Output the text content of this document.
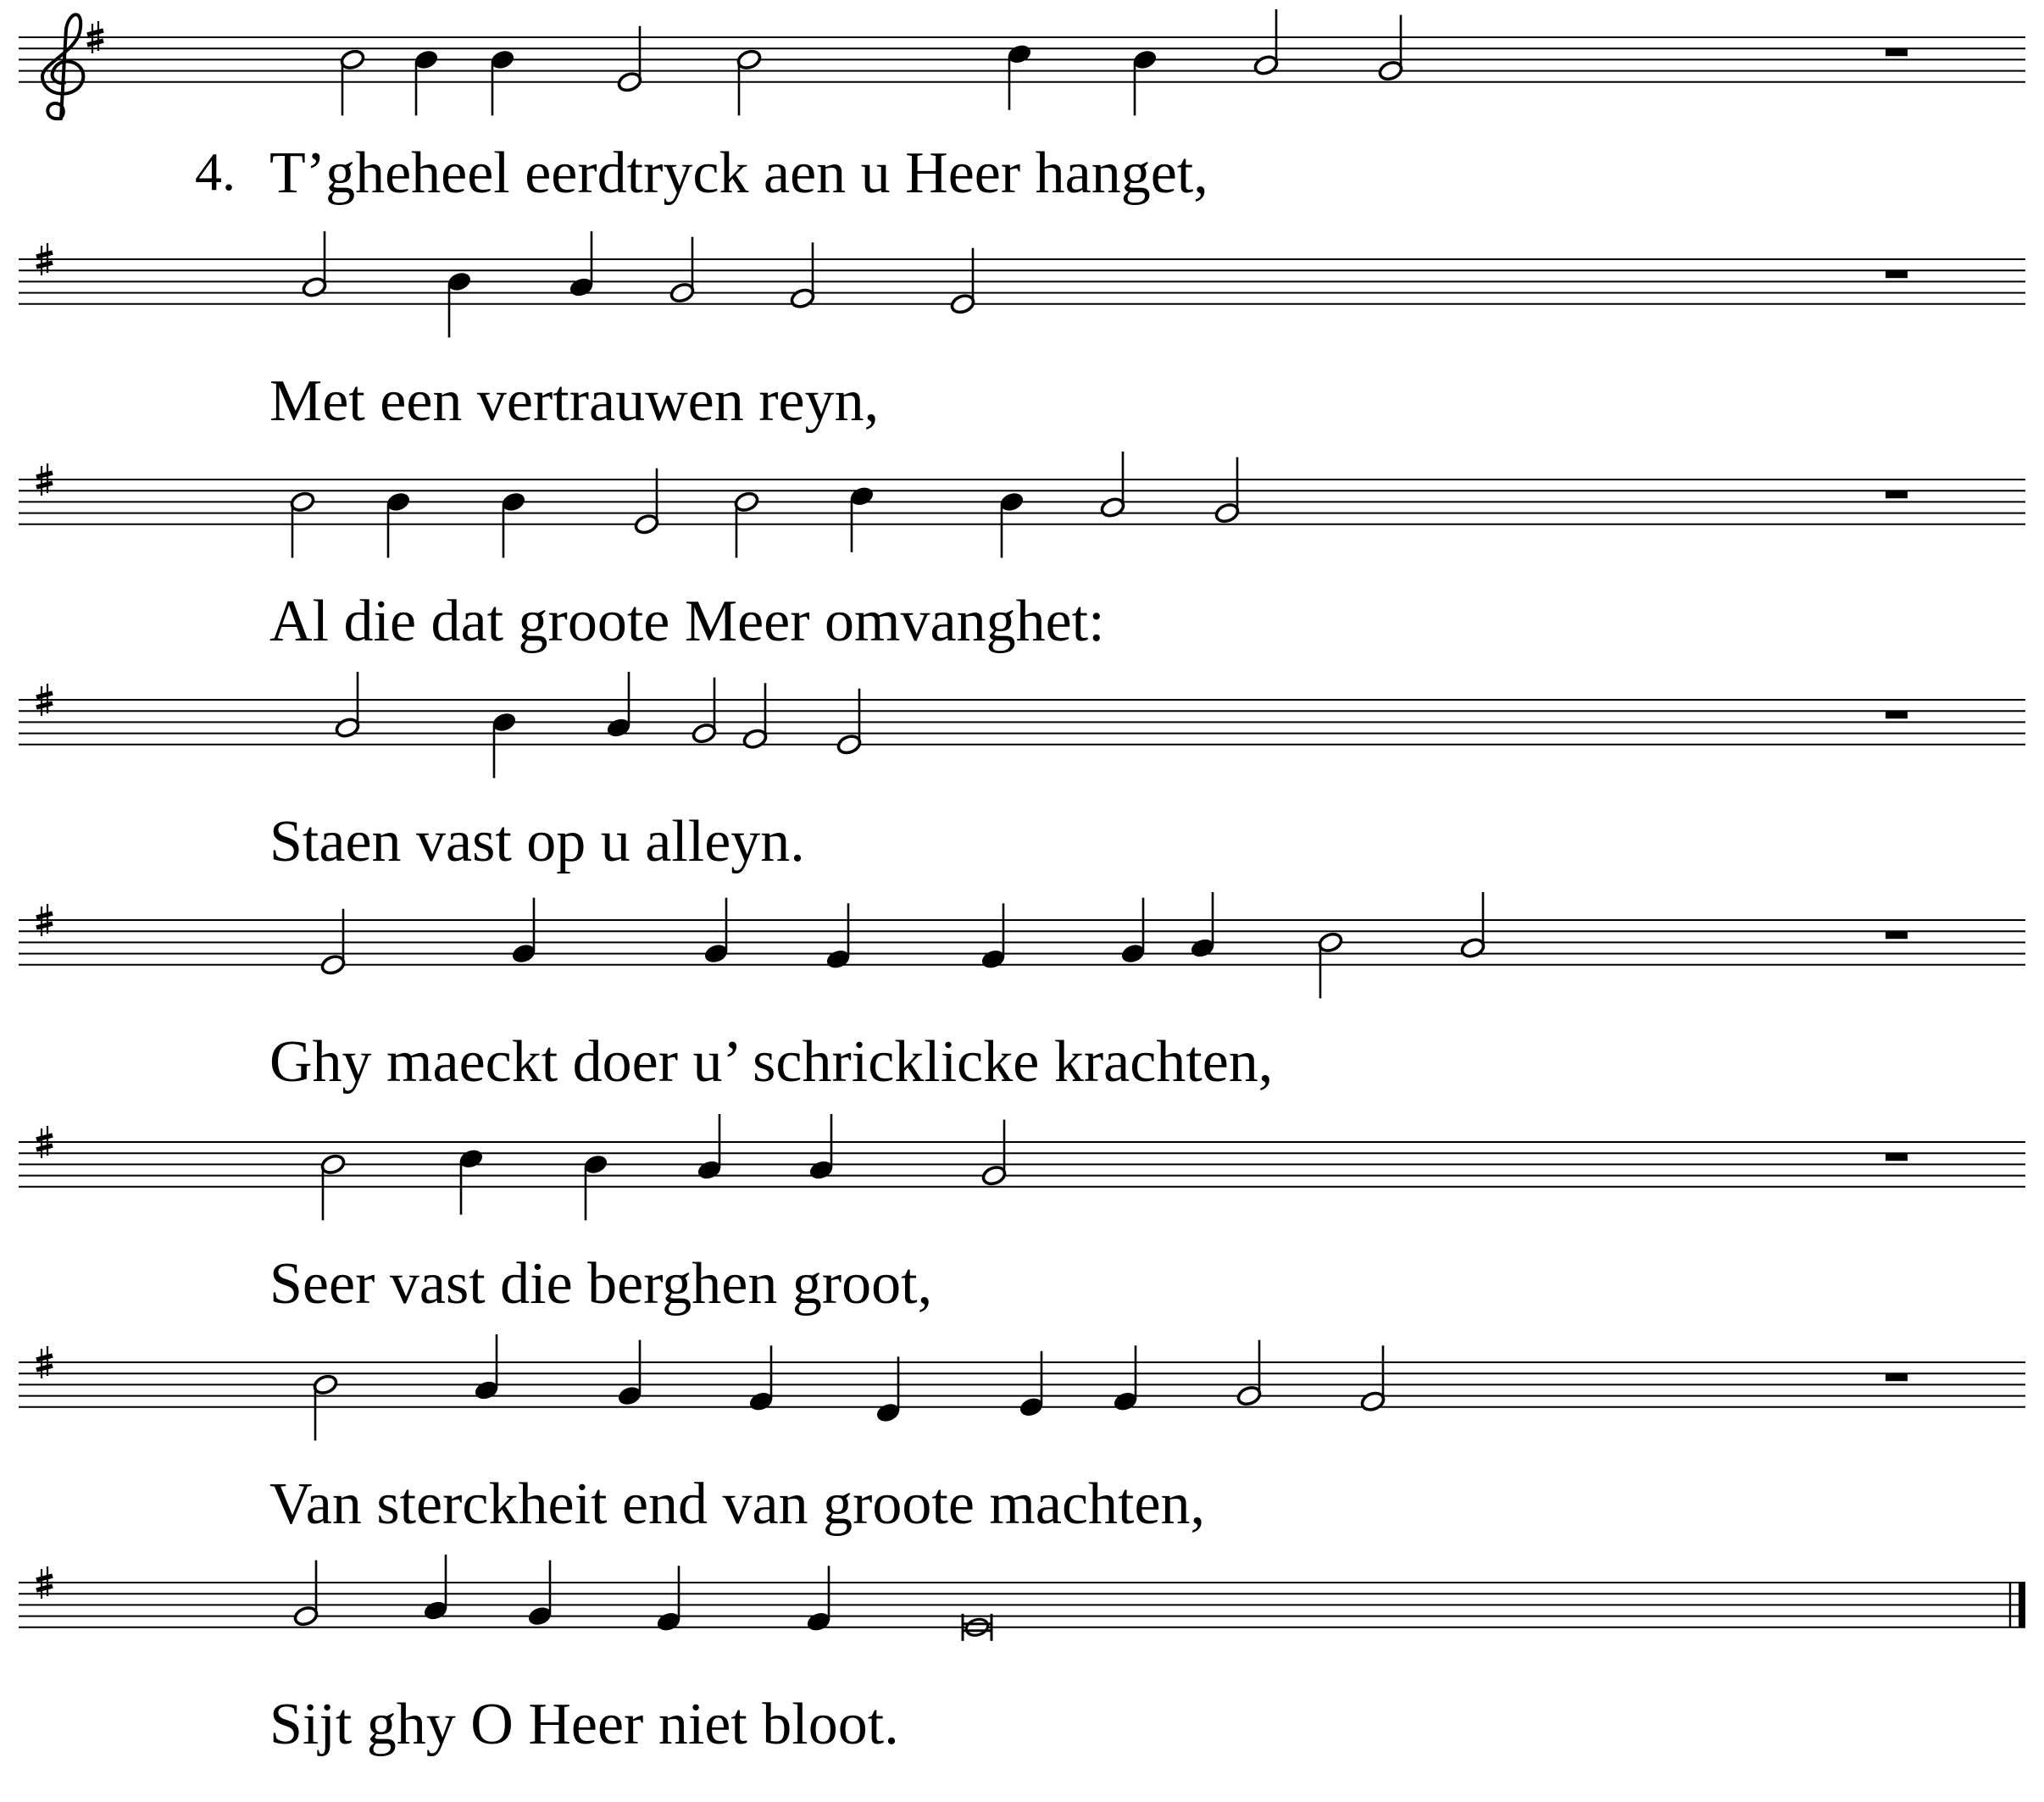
4. T’gheheel eerdtryck aen u Heer hanget,
Met een vertrauwen reyn,
Al die dat groote Meer omvanghet:
Staen vast op u alleyn.
Ghy maeckt doer u’ schricklicke krachten,
Seer vast die berghen groot,
Van sterckheit end van groote machten,
Sijt ghy O Heer niet bloot.
